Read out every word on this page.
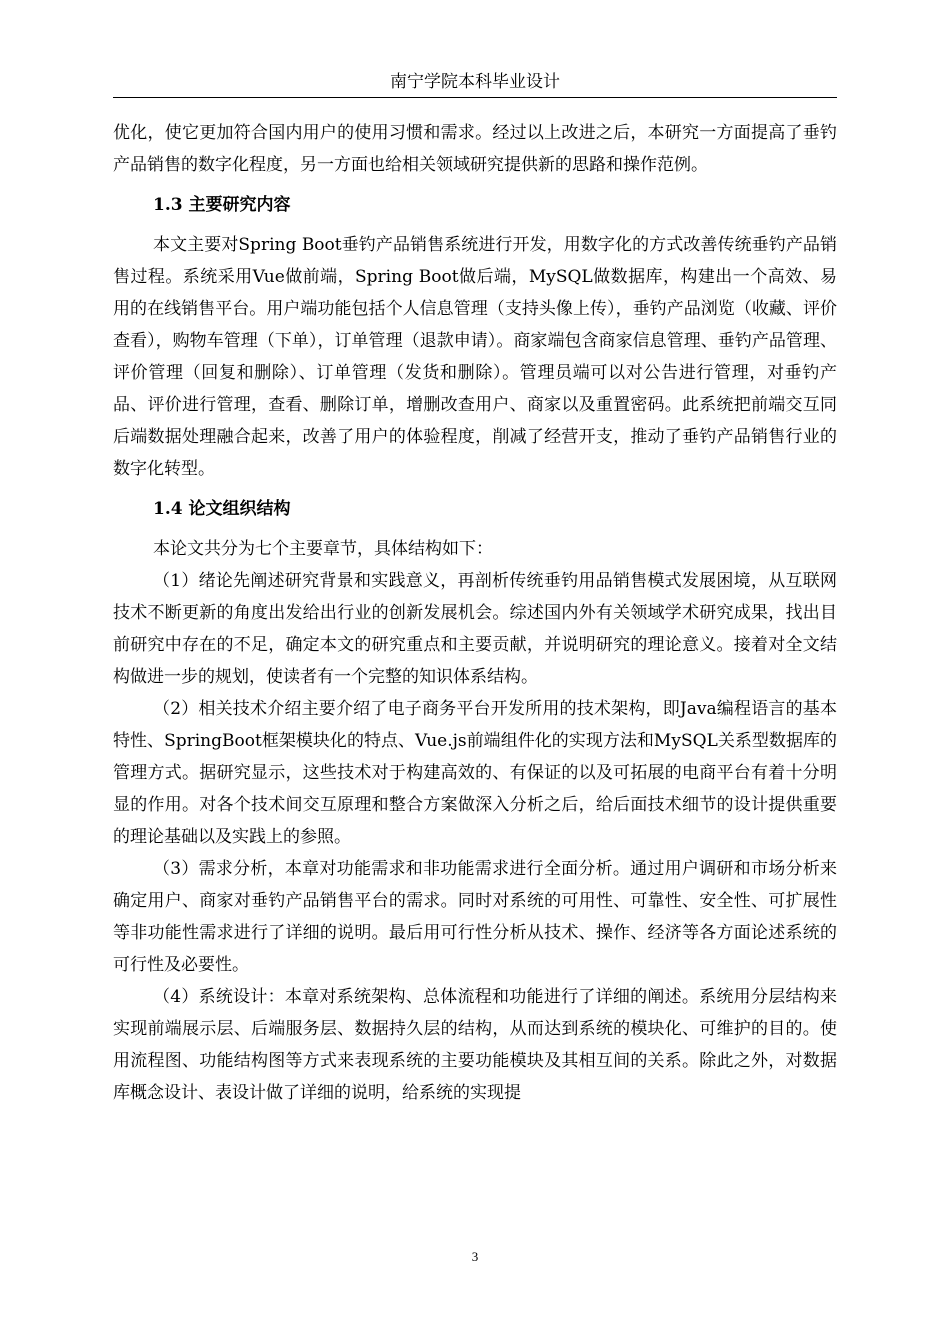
南宁学院本科毕业设计

优化，使它更加符合国内用户的使用习惯和需求。经过以上改进之后，本研究一方面提高了垂钓产品销售的数字化程度，另一方面也给相关领域研究提供新的思路和操作范例。

1.3 主要研究内容

本文主要对Spring Boot垂钓产品销售系统进行开发，用数字化的方式改善传统垂钓产品销售过程。系统采用Vue做前端，Spring Boot做后端，MySQL做数据库，构建出一个高效、易用的在线销售平台。用户端功能包括个人信息管理（支持头像上传），垂钓产品浏览（收藏、评价查看），购物车管理（下单），订单管理（退款申请）。商家端包含商家信息管理、垂钓产品管理、评价管理（回复和删除）、订单管理（发货和删除）。管理员端可以对公告进行管理，对垂钓产品、评价进行管理，查看、删除订单，增删改查用户、商家以及重置密码。此系统把前端交互同后端数据处理融合起来，改善了用户的体验程度，削减了经营开支，推动了垂钓产品销售行业的数字化转型。

1.4 论文组织结构

本论文共分为七个主要章节，具体结构如下：

（1）绪论先阐述研究背景和实践意义，再剖析传统垂钓用品销售模式发展困境，从互联网技术不断更新的角度出发给出行业的创新发展机会。综述国内外有关领域学术研究成果，找出目前研究中存在的不足，确定本文的研究重点和主要贡献，并说明研究的理论意义。接着对全文结构做进一步的规划，使读者有一个完整的知识体系结构。

（2）相关技术介绍主要介绍了电子商务平台开发所用的技术架构，即Java编程语言的基本特性、SpringBoot框架模块化的特点、Vue.js前端组件化的实现方法和MySQL关系型数据库的管理方式。据研究显示，这些技术对于构建高效的、有保证的以及可拓展的电商平台有着十分明显的作用。对各个技术间交互原理和整合方案做深入分析之后，给后面技术细节的设计提供重要的理论基础以及实践上的参照。

（3）需求分析，本章对功能需求和非功能需求进行全面分析。通过用户调研和市场分析来确定用户、商家对垂钓产品销售平台的需求。同时对系统的可用性、可靠性、安全性、可扩展性等非功能性需求进行了详细的说明。最后用可行性分析从技术、操作、经济等各方面论述系统的可行性及必要性。

（4）系统设计：本章对系统架构、总体流程和功能进行了详细的阐述。系统用分层结构来实现前端展示层、后端服务层、数据持久层的结构，从而达到系统的模块化、可维护的目的。使用流程图、功能结构图等方式来表现系统的主要功能模块及其相互间的关系。除此之外，对数据库概念设计、表设计做了详细的说明，给系统的实现提

3
